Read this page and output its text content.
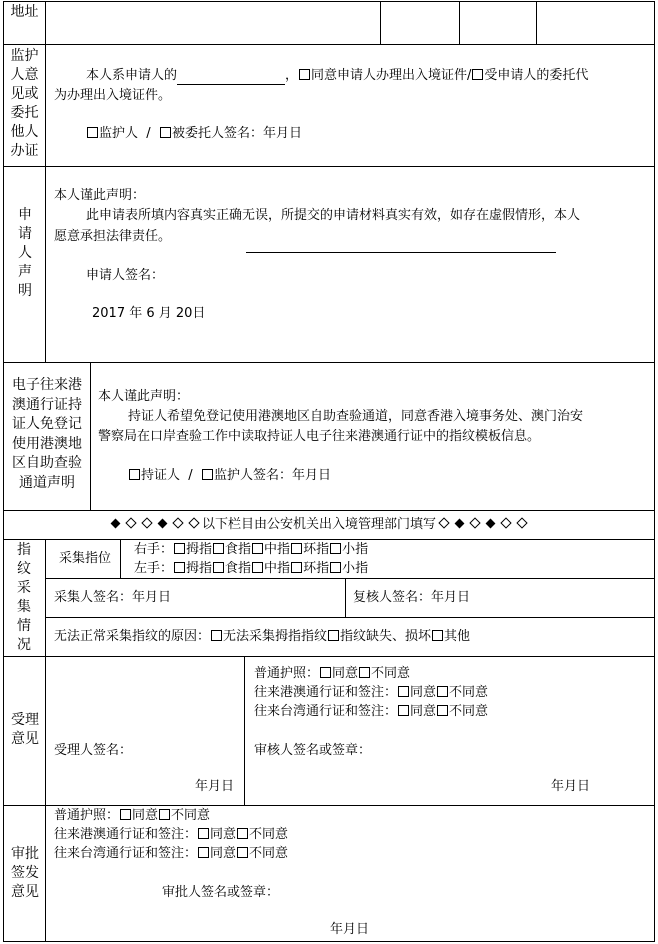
地址
监护人意见或委托他人办证
本人系申请人的	， 同意申请人办理出入境证件/ 受申请人的委托代
为办理出入境证件。
监护人 / 被委托人签名：年月日
申请人声明
本人谨此声明：
此申请表所填内容真实正确无误，所提交的申请材料真实有效，如存在虚假情形，本人
愿意承担法律责任。
申请人签名：
2017 年 6 月 20日
电子往来港澳通行证持证人免登记使用港澳地区自助查验通道声明
本人谨此声明：
持证人希望免登记使用港澳地区自助查验通道，同意香港入境事务处、澳门治安
警察局在口岸查验工作中读取持证人电子往来港澳通行证中的指纹模板信息。
持证人 / 监护人签名：年月日
以下栏目由公安机关出入境管理部门填写
指纹采集情况
采集指位
右手： 拇指 食指 中指 环指 小指
左手： 拇指 食指 中指 环指 小指
采集人签名：年月日	复核人签名：年月日
无法正常采集指纹的原因： 无法采集拇指指纹 指纹缺失、损坏 其他
受理意见
受理人签名：
年月日
普通护照： 同意 不同意
往来港澳通行证和签注： 同意 不同意
往来台湾通行证和签注： 同意 不同意
审核人签名或签章：
年月日
审批签发意见
普通护照： 同意 不同意
往来港澳通行证和签注： 同意 不同意
往来台湾通行证和签注： 同意 不同意
审批人签名或签章：
年月日
